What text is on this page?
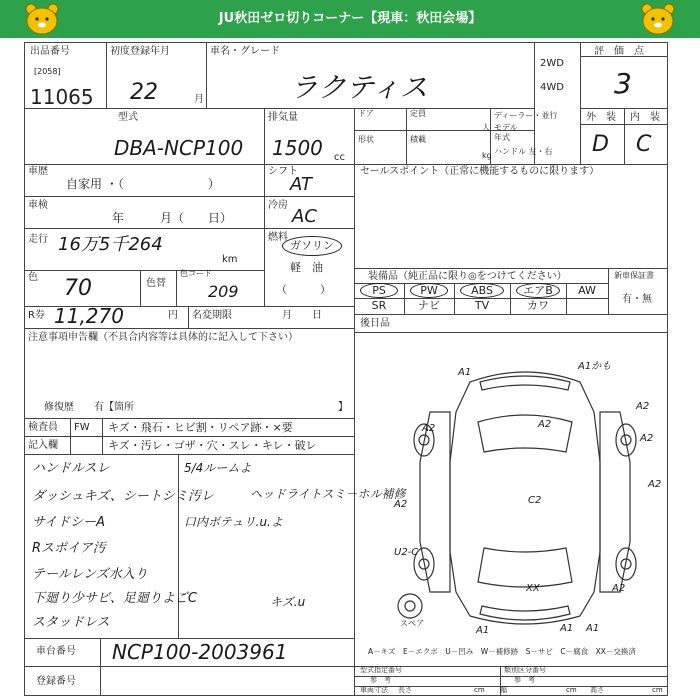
JU秋田ゼロ切りコーナー【現車：秋田会場】
出品番号
[2058]
11065
初度登録年月
22	月
車名・グレード
ラクティス
2WD
4WD
評　価　点
3
外　装 内　装
D C
型式
DBA-NCP100
排気量
1500 cc
ドア	定員
人
ディーラー・並行
モデル
年式
形状	積載
kg ハンドル 左・右
車歴
自家用 ・（　　　　　　　）
シフト
AT
セールスポイント（正常に機能するものに限ります）
車検
年　　　月（　　日）
冷房
AC
走行 16万5千264
km
燃料
ガソリン
軽　油
（　　　）
色 70	色替
色コード
209
R券 11,270	円 名変期限	月　　日
注意事項申告欄（不具合内容等は具体的に記入して下さい）
修復歴　　有【箇所	】
検査員
記入欄
FW キズ・飛石・ヒビ割・リペア跡・×要
キズ・汚レ・ゴザ・穴・スレ・キレ・破レ
ハンドルスレ
ダッシュキズ、シートシミ汚レ
サイドシーA
Rスポイア汚
テールレンズ水入り
下廻り少サビ、足廻りよごC
スタッドレス
5/4ルームよ
ヘッドライトスミ－ホル補修
口内ボテュリ.u.よ
キズ.u
車台番号 NCP100-2003961
登録番号
装備品（純正品に限り◎をつけてください）	新車保証書
有・無
PS	PW	ABS	エアB	AW
SR	ナビ	TV	カワ
後日品
スペア
A1
A1かも
A2
A2
A2
A2
C2
A2
A2
U2-C
A2
XX
A1	A1 A1
A－キズ　E－エクボ　U－凹み　W－補修跡　S－サビ　C－腐食　XX－交換済
型式指定番号	類別区分番号
参　考	参　考
車両寸法 長さ	cm 幅	cm 高さ	cm
